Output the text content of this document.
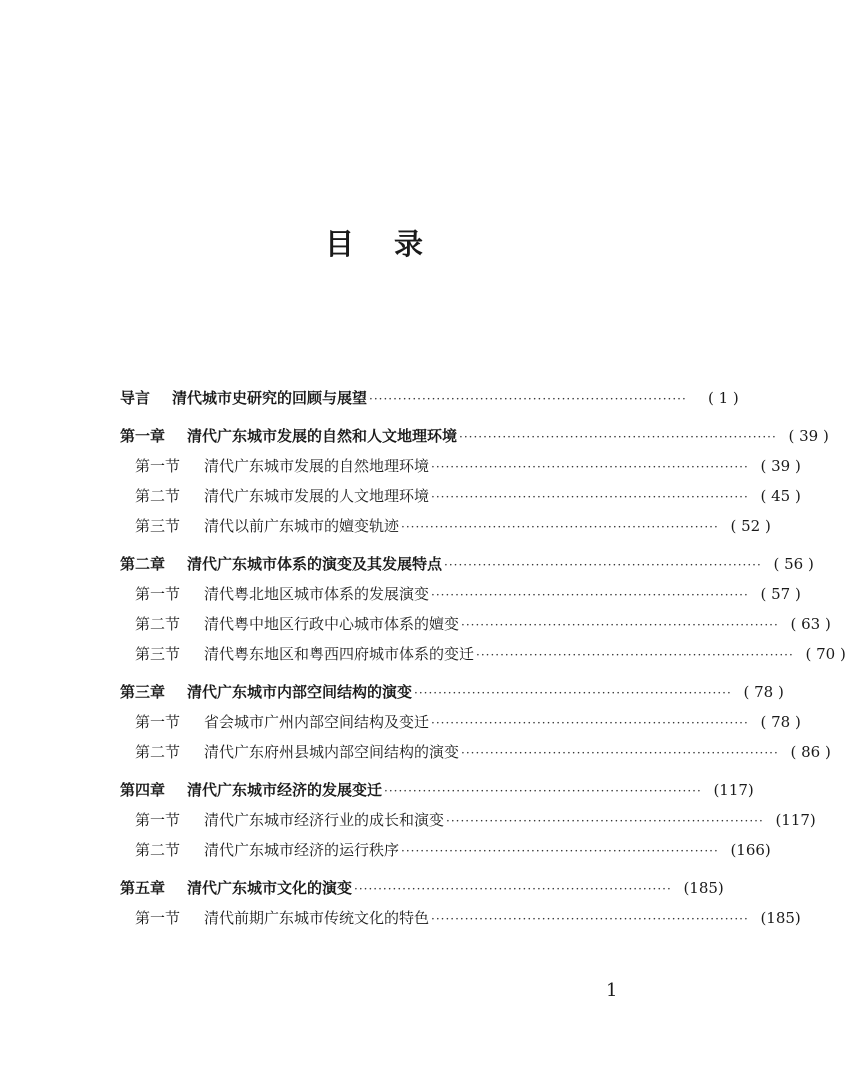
目 录
导言 清代城市史研究的回顾与展望 ··································································	( 1 )
第一章 清代广东城市发展的自然和人文地理环境 ·································································· ( 39 )
第一节 清代广东城市发展的自然地理环境 ·································································· ( 39 )
第二节 清代广东城市发展的人文地理环境 ·································································· ( 45 )
第三节 清代以前广东城市的嬗变轨迹 ·································································· ( 52 )
第二章 清代广东城市体系的演变及其发展特点 ·································································· ( 56 )
第一节 清代粤北地区城市体系的发展演变 ·································································· ( 57 )
第二节 清代粤中地区行政中心城市体系的嬗变 ·································································· ( 63 )
第三节 清代粤东地区和粤西四府城市体系的变迁 ·································································· ( 70 )
第三章 清代广东城市内部空间结构的演变 ·································································· ( 78 )
第一节 省会城市广州内部空间结构及变迁 ·································································· ( 78 )
第二节 清代广东府州县城内部空间结构的演变 ·································································· ( 86 )
第四章 清代广东城市经济的发展变迁 ·································································· (117)
第一节 清代广东城市经济行业的成长和演变 ·································································· (117)
第二节 清代广东城市经济的运行秩序 ·································································· (166)
第五章 清代广东城市文化的演变 ·································································· (185)
第一节 清代前期广东城市传统文化的特色 ·································································· (185)
1
